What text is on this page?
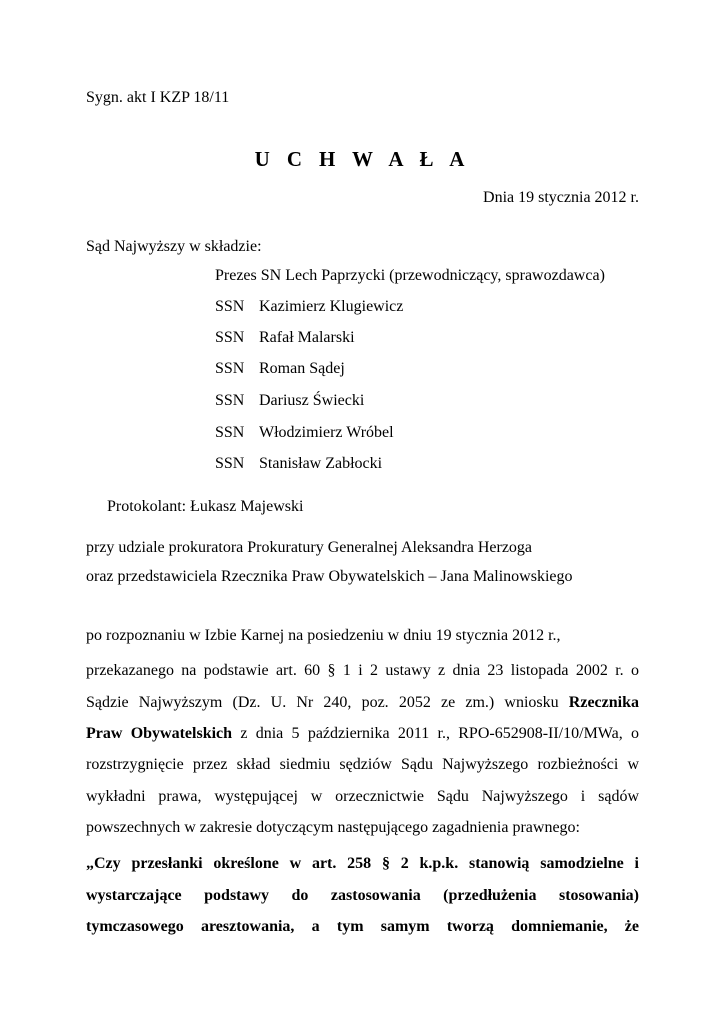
Sygn. akt I KZP 18/11
U C H W A Ł A
Dnia 19 stycznia 2012 r.
Sąd Najwyższy w składzie:
Prezes SN Lech Paprzycki (przewodniczący, sprawozdawca)
SSN Kazimierz Klugiewicz
SSN Rafał Malarski
SSN Roman Sądej
SSN Dariusz Świecki
SSN Włodzimierz Wróbel
SSN Stanisław Zabłocki
Protokolant: Łukasz Majewski
przy udziale prokuratora Prokuratury Generalnej Aleksandra Herzoga
oraz przedstawiciela Rzecznika Praw Obywatelskich – Jana Malinowskiego
po rozpoznaniu w Izbie Karnej na posiedzeniu w dniu 19 stycznia 2012 r.,
przekazanego na podstawie art. 60 § 1 i 2 ustawy z dnia 23 listopada 2002 r. o
Sądzie Najwyższym (Dz. U. Nr 240, poz. 2052 ze zm.) wniosku Rzecznika
Praw Obywatelskich z dnia 5 października 2011 r., RPO-652908-II/10/MWa, o
rozstrzygnięcie przez skład siedmiu sędziów Sądu Najwyższego rozbieżności w
wykładni prawa, występującej w orzecznictwie Sądu Najwyższego i sądów
powszechnych w zakresie dotyczącym następującego zagadnienia prawnego:
„Czy przesłanki określone w art. 258 § 2 k.p.k. stanowią samodzielne i
wystarczające podstawy do zastosowania (przedłużenia stosowania)
tymczasowego aresztowania, a tym samym tworzą domniemanie, że
